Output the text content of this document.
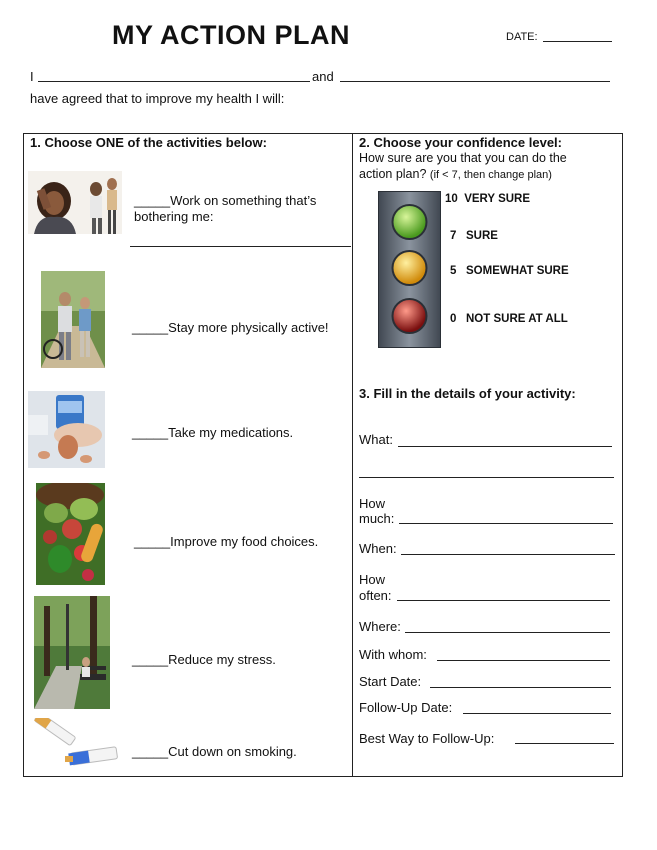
MY ACTION PLAN	DATE:
I	and
have agreed that to improve my health I will:
1. Choose ONE of the activities below:
_____Work on something that’s
bothering me:
_____Stay more physically active!
_____Take my medications.
_____Improve my food choices.
_____Reduce my stress.
_____Cut down on smoking.
2. Choose your confidence level:
How sure are you that you can do the
action plan? (if < 7, then change plan)
10 VERY SURE
7 SURE
5 SOMEWHAT SURE
0 NOT SURE AT ALL
3. Fill in the details of your activity:
What:
How
much:
When:
How
often:
Where:
With whom:
Start Date:
Follow-Up Date:
Best Way to Follow-Up:
